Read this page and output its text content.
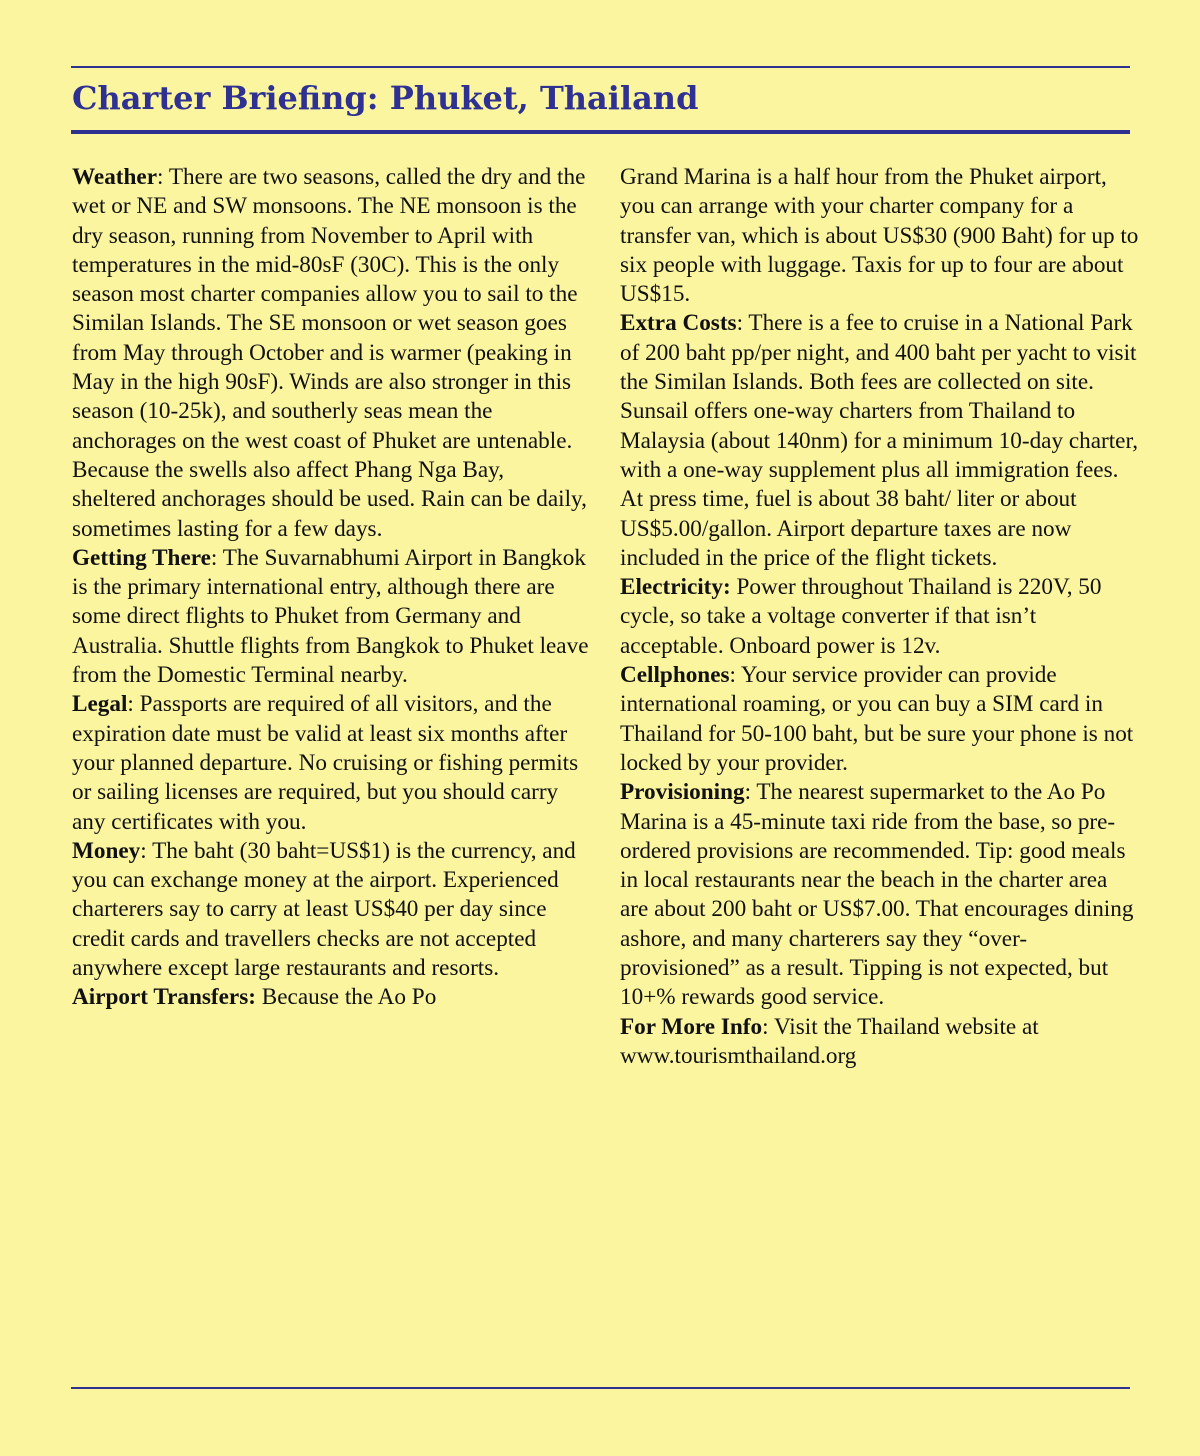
Charter Briefing: Phuket, Thailand

Weather: There are two seasons, called the dry and the wet or NE and SW monsoons. The NE monsoon is the dry season, running from November to April with temperatures in the mid-80sF (30C). This is the only season most charter companies allow you to sail to the Similan Islands. The SE monsoon or wet season goes from May through October and is warmer (peaking in May in the high 90sF). Winds are also stronger in this season (10-25k), and southerly seas mean the anchorages on the west coast of Phuket are untenable. Because the swells also affect Phang Nga Bay, sheltered anchorages should be used. Rain can be daily, sometimes lasting for a few days.

Getting There: The Suvarnabhumi Airport in Bangkok is the primary international entry, although there are some direct flights to Phuket from Germany and Australia. Shuttle flights from Bangkok to Phuket leave from the Domestic Terminal nearby.

Legal: Passports are required of all visitors, and the expiration date must be valid at least six months after your planned departure. No cruising or fishing permits or sailing licenses are required, but you should carry any certificates with you.

Money: The baht (30 baht=US$1) is the currency, and you can exchange money at the airport. Experienced charterers say to carry at least US$40 per day since credit cards and travellers checks are not accepted anywhere except large restaurants and resorts.

Airport Transfers: Because the Ao Po

Grand Marina is a half hour from the Phuket airport, you can arrange with your charter company for a transfer van, which is about US$30 (900 Baht) for up to six people with luggage. Taxis for up to four are about US$15.

Extra Costs: There is a fee to cruise in a National Park of 200 baht pp/per night, and 400 baht per yacht to visit the Similan Islands. Both fees are collected on site. Sunsail offers one-way charters from Thailand to Malaysia (about 140nm) for a minimum 10-day charter, with a one-way supplement plus all immigration fees. At press time, fuel is about 38 baht/ liter or about US$5.00/gallon. Airport departure taxes are now included in the price of the flight tickets.

Electricity: Power throughout Thailand is 220V, 50 cycle, so take a voltage converter if that isn’t acceptable. Onboard power is 12v.

Cellphones: Your service provider can provide international roaming, or you can buy a SIM card in Thailand for 50-100 baht, but be sure your phone is not locked by your provider.

Provisioning: The nearest supermarket to the Ao Po Marina is a 45-minute taxi ride from the base, so pre-ordered provisions are recommended. Tip: good meals in local restaurants near the beach in the charter area are about 200 baht or US$7.00. That encourages dining ashore, and many charterers say they “over-provisioned” as a result. Tipping is not expected, but 10+% rewards good service.

For More Info: Visit the Thailand website at www.tourismthailand.org
